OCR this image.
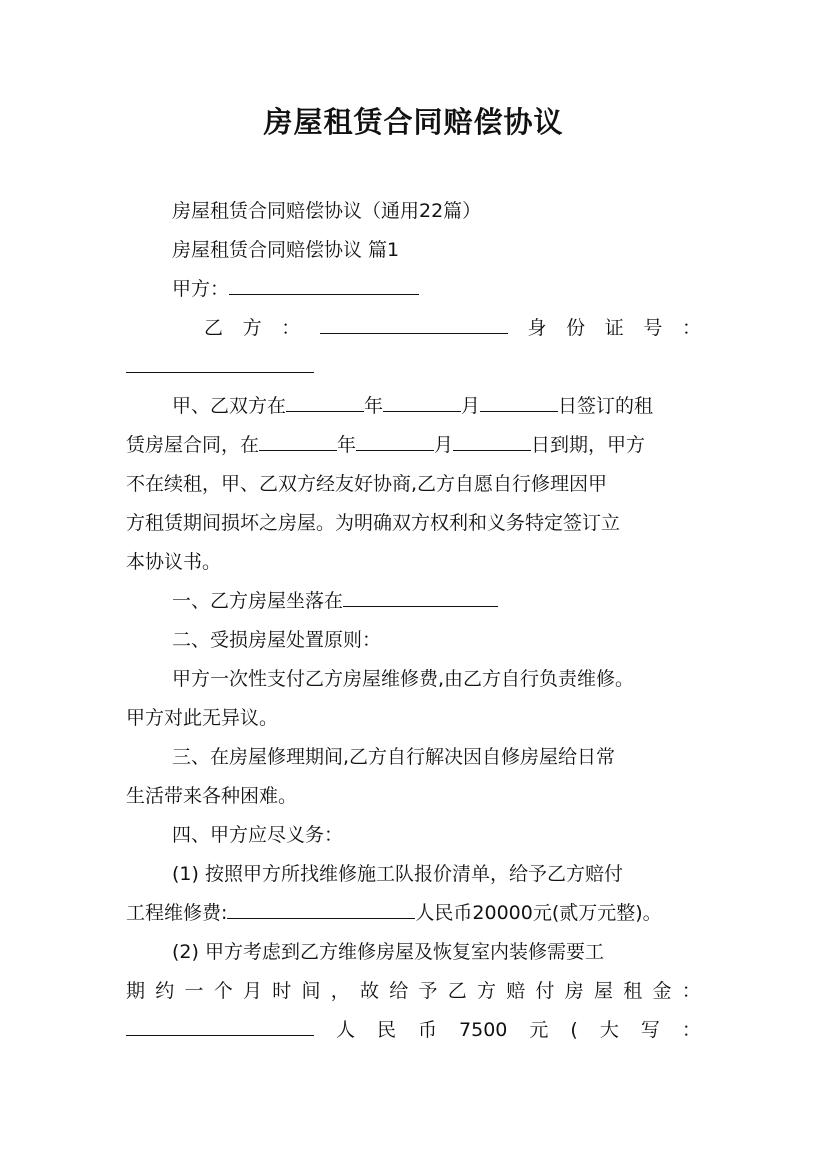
房屋租赁合同赔偿协议

房屋租赁合同赔偿协议（通用22篇）

房屋租赁合同赔偿协议 篇1

甲方：

乙 方 ：	身 份 证 号 ：

甲、乙双方在	年	月	日签订的租

赁房屋合同，在	年	月	日到期，甲方

不在续租，甲、乙双方经友好协商,乙方自愿自行修理因甲

方租赁期间损坏之房屋。为明确双方权利和义务特定签订立

本协议书。

一、乙方房屋坐落在

二、受损房屋处置原则：

甲方一次性支付乙方房屋维修费,由乙方自行负责维修。

甲方对此无异议。

三、在房屋修理期间,乙方自行解决因自修房屋给日常

生活带来各种困难。

四、甲方应尽义务：

(1) 按照甲方所找维修施工队报价清单，给予乙方赔付

工程维修费:	人民币20000元(贰万元整)。

(2) 甲方考虑到乙方维修房屋及恢复室内装修需要工

期 约 一 个 月 时 间 ， 故 给 予 乙 方 赔 付 房 屋 租 金 ：

人 民 币 7500 元 ( 大 写 ：
